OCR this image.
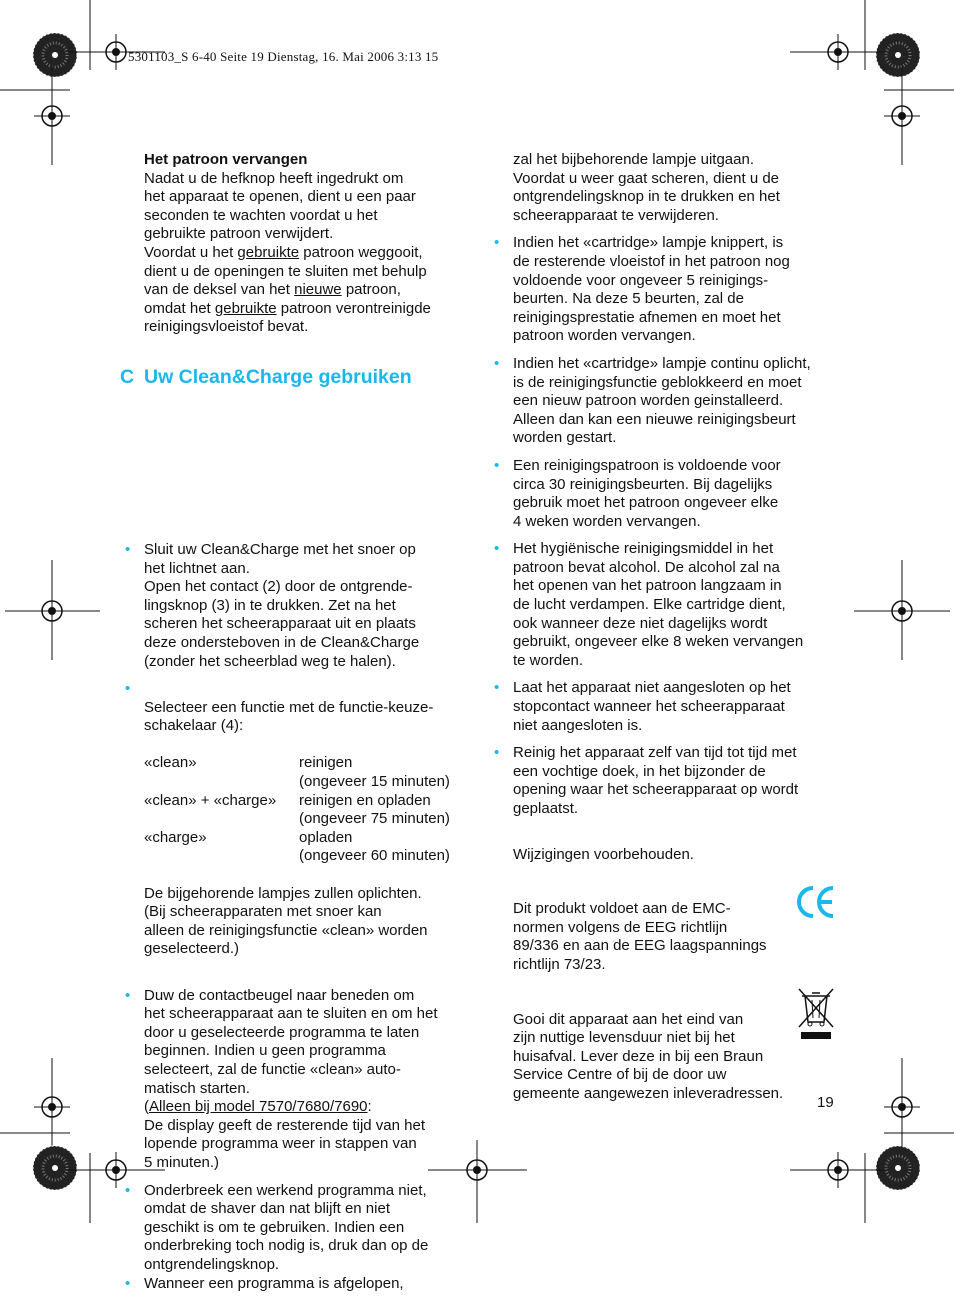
5301103_S 6-40 Seite 19 Dienstag, 16. Mai 2006 3:13 15

Het patroon vervangen

Nadat u de hefknop heeft ingedrukt om
het apparaat te openen, dient u een paar
seconden te wachten voordat u het
gebruikte patroon verwijdert.

Voordat u het gebruikte patroon weggooit,
dient u de openingen te sluiten met behulp
van de deksel van het nieuwe patroon,
omdat het gebruikte patroon verontreinigde
reinigingsvloeistof bevat.

• Sluit uw Clean&Charge met het snoer op
het lichtnet aan.
Open het contact (2) door de ontgrende-
lingsknop (3) in te drukken. Zet na het
scheren het scheerapparaat uit en plaats
deze ondersteboven in de Clean&Charge
(zonder het scheerblad weg te halen).

• Selecteer een functie met de functie-keuze-
schakelaar (4):

«clean»	reinigen
(ongeveer 15 minuten)
«clean» + «charge»	reinigen en opladen
(ongeveer 75 minuten)
«charge»	opladen
(ongeveer 60 minuten)

De bijgehorende lampjes zullen oplichten.
(Bij scheerapparaten met snoer kan
alleen de reinigingsfunctie «clean» worden
geselecteerd.)

• Duw de contactbeugel naar beneden om
het scheerapparaat aan te sluiten en om het
door u geselecteerde programma te laten
beginnen. Indien u geen programma
selecteert, zal de functie «clean» auto-
matisch starten.
(Alleen bij model 7570/7680/7690:
De display geeft de resterende tijd van het
lopende programma weer in stappen van
5 minuten.)

• Onderbreek een werkend programma niet,
omdat de shaver dan nat blijft en niet
geschikt is om te gebruiken. Indien een
onderbreking toch nodig is, druk dan op de
ontgrendelingsknop.

• Wanneer een programma is afgelopen,

C Uw Clean&Charge gebruiken

zal het bijbehorende lampje uitgaan.
Voordat u weer gaat scheren, dient u de
ontgrendelingsknop in te drukken en het
scheerapparaat te verwijderen.

• Indien het «cartridge» lampje knippert, is
de resterende vloeistof in het patroon nog
voldoende voor ongeveer 5 reinigings-
beurten. Na deze 5 beurten, zal de
reinigingsprestatie afnemen en moet het
patroon worden vervangen.

• Indien het «cartridge» lampje continu oplicht,
is de reinigingsfunctie geblokkeerd en moet
een nieuw patroon worden geinstalleerd.
Alleen dan kan een nieuwe reinigingsbeurt
worden gestart.

• Een reinigingspatroon is voldoende voor
circa 30 reinigingsbeurten. Bij dagelijks
gebruik moet het patroon ongeveer elke
4 weken worden vervangen.

• Het hygiënische reinigingsmiddel in het
patroon bevat alcohol. De alcohol zal na
het openen van het patroon langzaam in
de lucht verdampen. Elke cartridge dient,
ook wanneer deze niet dagelijks wordt
gebruikt, ongeveer elke 8 weken vervangen
te worden.

• Laat het apparaat niet aangesloten op het
stopcontact wanneer het scheerapparaat
niet aangesloten is.

• Reinig het apparaat zelf van tijd tot tijd met
een vochtige doek, in het bijzonder de
opening waar het scheerapparaat op wordt
geplaatst.

Wijzigingen voorbehouden.

Dit produkt voldoet aan de EMC-
normen volgens de EEG richtlijn
89/336 en aan de EEG laagspannings
richtlijn 73/23.

Gooi dit apparaat aan het eind van
zijn nuttige levensduur niet bij het
huisafval. Lever deze in bij een Braun
Service Centre of bij de door uw
gemeente aangewezen inleveradressen.

19
